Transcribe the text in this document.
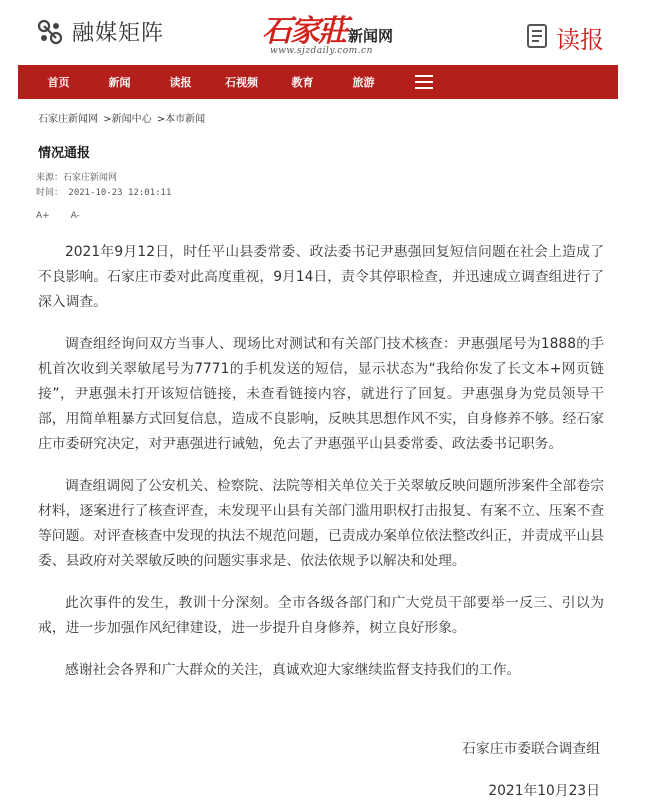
融媒矩阵	石家莊 新闻网
www.sjzdaily.com.cn	读报
首页	新闻	读报	石视频	教育	旅游
石家庄新闻网 >新闻中心 >本市新闻
情况通报
来源：石家庄新闻网
时间： 2021-10-23 12:01:11
A+ A-

2021年9月12日，时任平山县委常委、政法委书记尹惠强回复短信问题在社会上造成了不良影响。石家庄市委对此高度重视，9月14日，责令其停职检查，并迅速成立调查组进行了深入调查。

调查组经询问双方当事人、现场比对测试和有关部门技术核查：尹惠强尾号为1888的手机首次收到关翠敏尾号为7771的手机发送的短信，显示状态为“我给你发了长文本+网页链接”，尹惠强未打开该短信链接，未查看链接内容，就进行了回复。尹惠强身为党员领导干部，用简单粗暴方式回复信息，造成不良影响，反映其思想作风不实，自身修养不够。经石家庄市委研究决定，对尹惠强进行诫勉，免去了尹惠强平山县委常委、政法委书记职务。

调查组调阅了公安机关、检察院、法院等相关单位关于关翠敏反映问题所涉案件全部卷宗材料，逐案进行了核查评查，未发现平山县有关部门滥用职权打击报复、有案不立、压案不查等问题。对评查核查中发现的执法不规范问题，已责成办案单位依法整改纠正，并责成平山县委、县政府对关翠敏反映的问题实事求是、依法依规予以解决和处理。

此次事件的发生，教训十分深刻。全市各级各部门和广大党员干部要举一反三、引以为戒，进一步加强作风纪律建设，进一步提升自身修养，树立良好形象。

感谢社会各界和广大群众的关注，真诚欢迎大家继续监督支持我们的工作。

石家庄市委联合调查组
2021年10月23日
